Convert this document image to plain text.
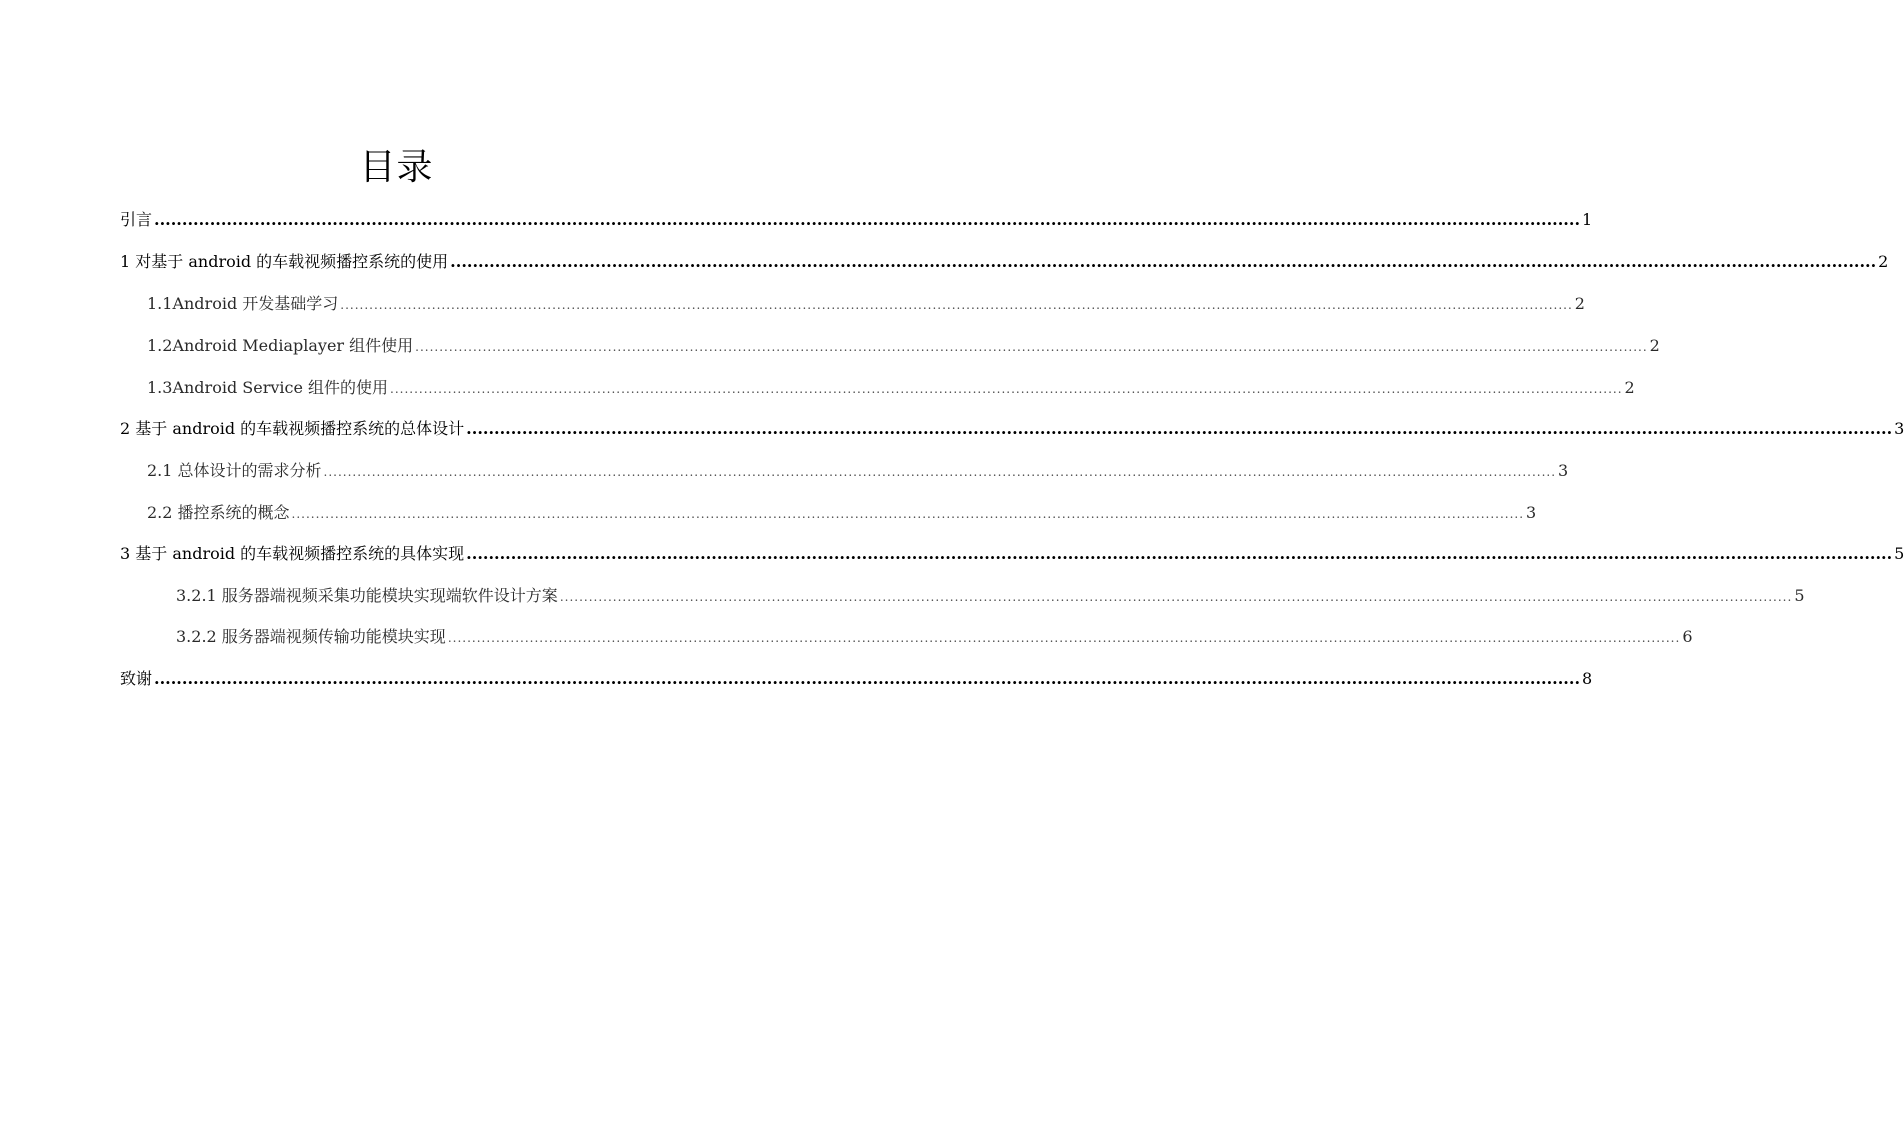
目录
引言 ................................................................................................................................................................................................................................................................ 1
1 对基于 android 的车载视频播控系统的使用 ................................................................................................................................................................................................................................................................ 2
1.1Android 开发基础学习 ................................................................................................................................................................................................................................................................ 2
1.2Android Mediaplayer 组件使用 ................................................................................................................................................................................................................................................................ 2
1.3Android Service 组件的使用 ................................................................................................................................................................................................................................................................ 2
2 基于 android 的车载视频播控系统的总体设计 ................................................................................................................................................................................................................................................................ 3
2.1 总体设计的需求分析 ................................................................................................................................................................................................................................................................ 3
2.2 播控系统的概念 ................................................................................................................................................................................................................................................................ 3
3 基于 android 的车载视频播控系统的具体实现 ................................................................................................................................................................................................................................................................ 5
3.2.1 服务器端视频采集功能模块实现端软件设计方案 ................................................................................................................................................................................................................................................................ 5
3.2.2 服务器端视频传输功能模块实现 ................................................................................................................................................................................................................................................................ 6
致谢 ................................................................................................................................................................................................................................................................ 8
